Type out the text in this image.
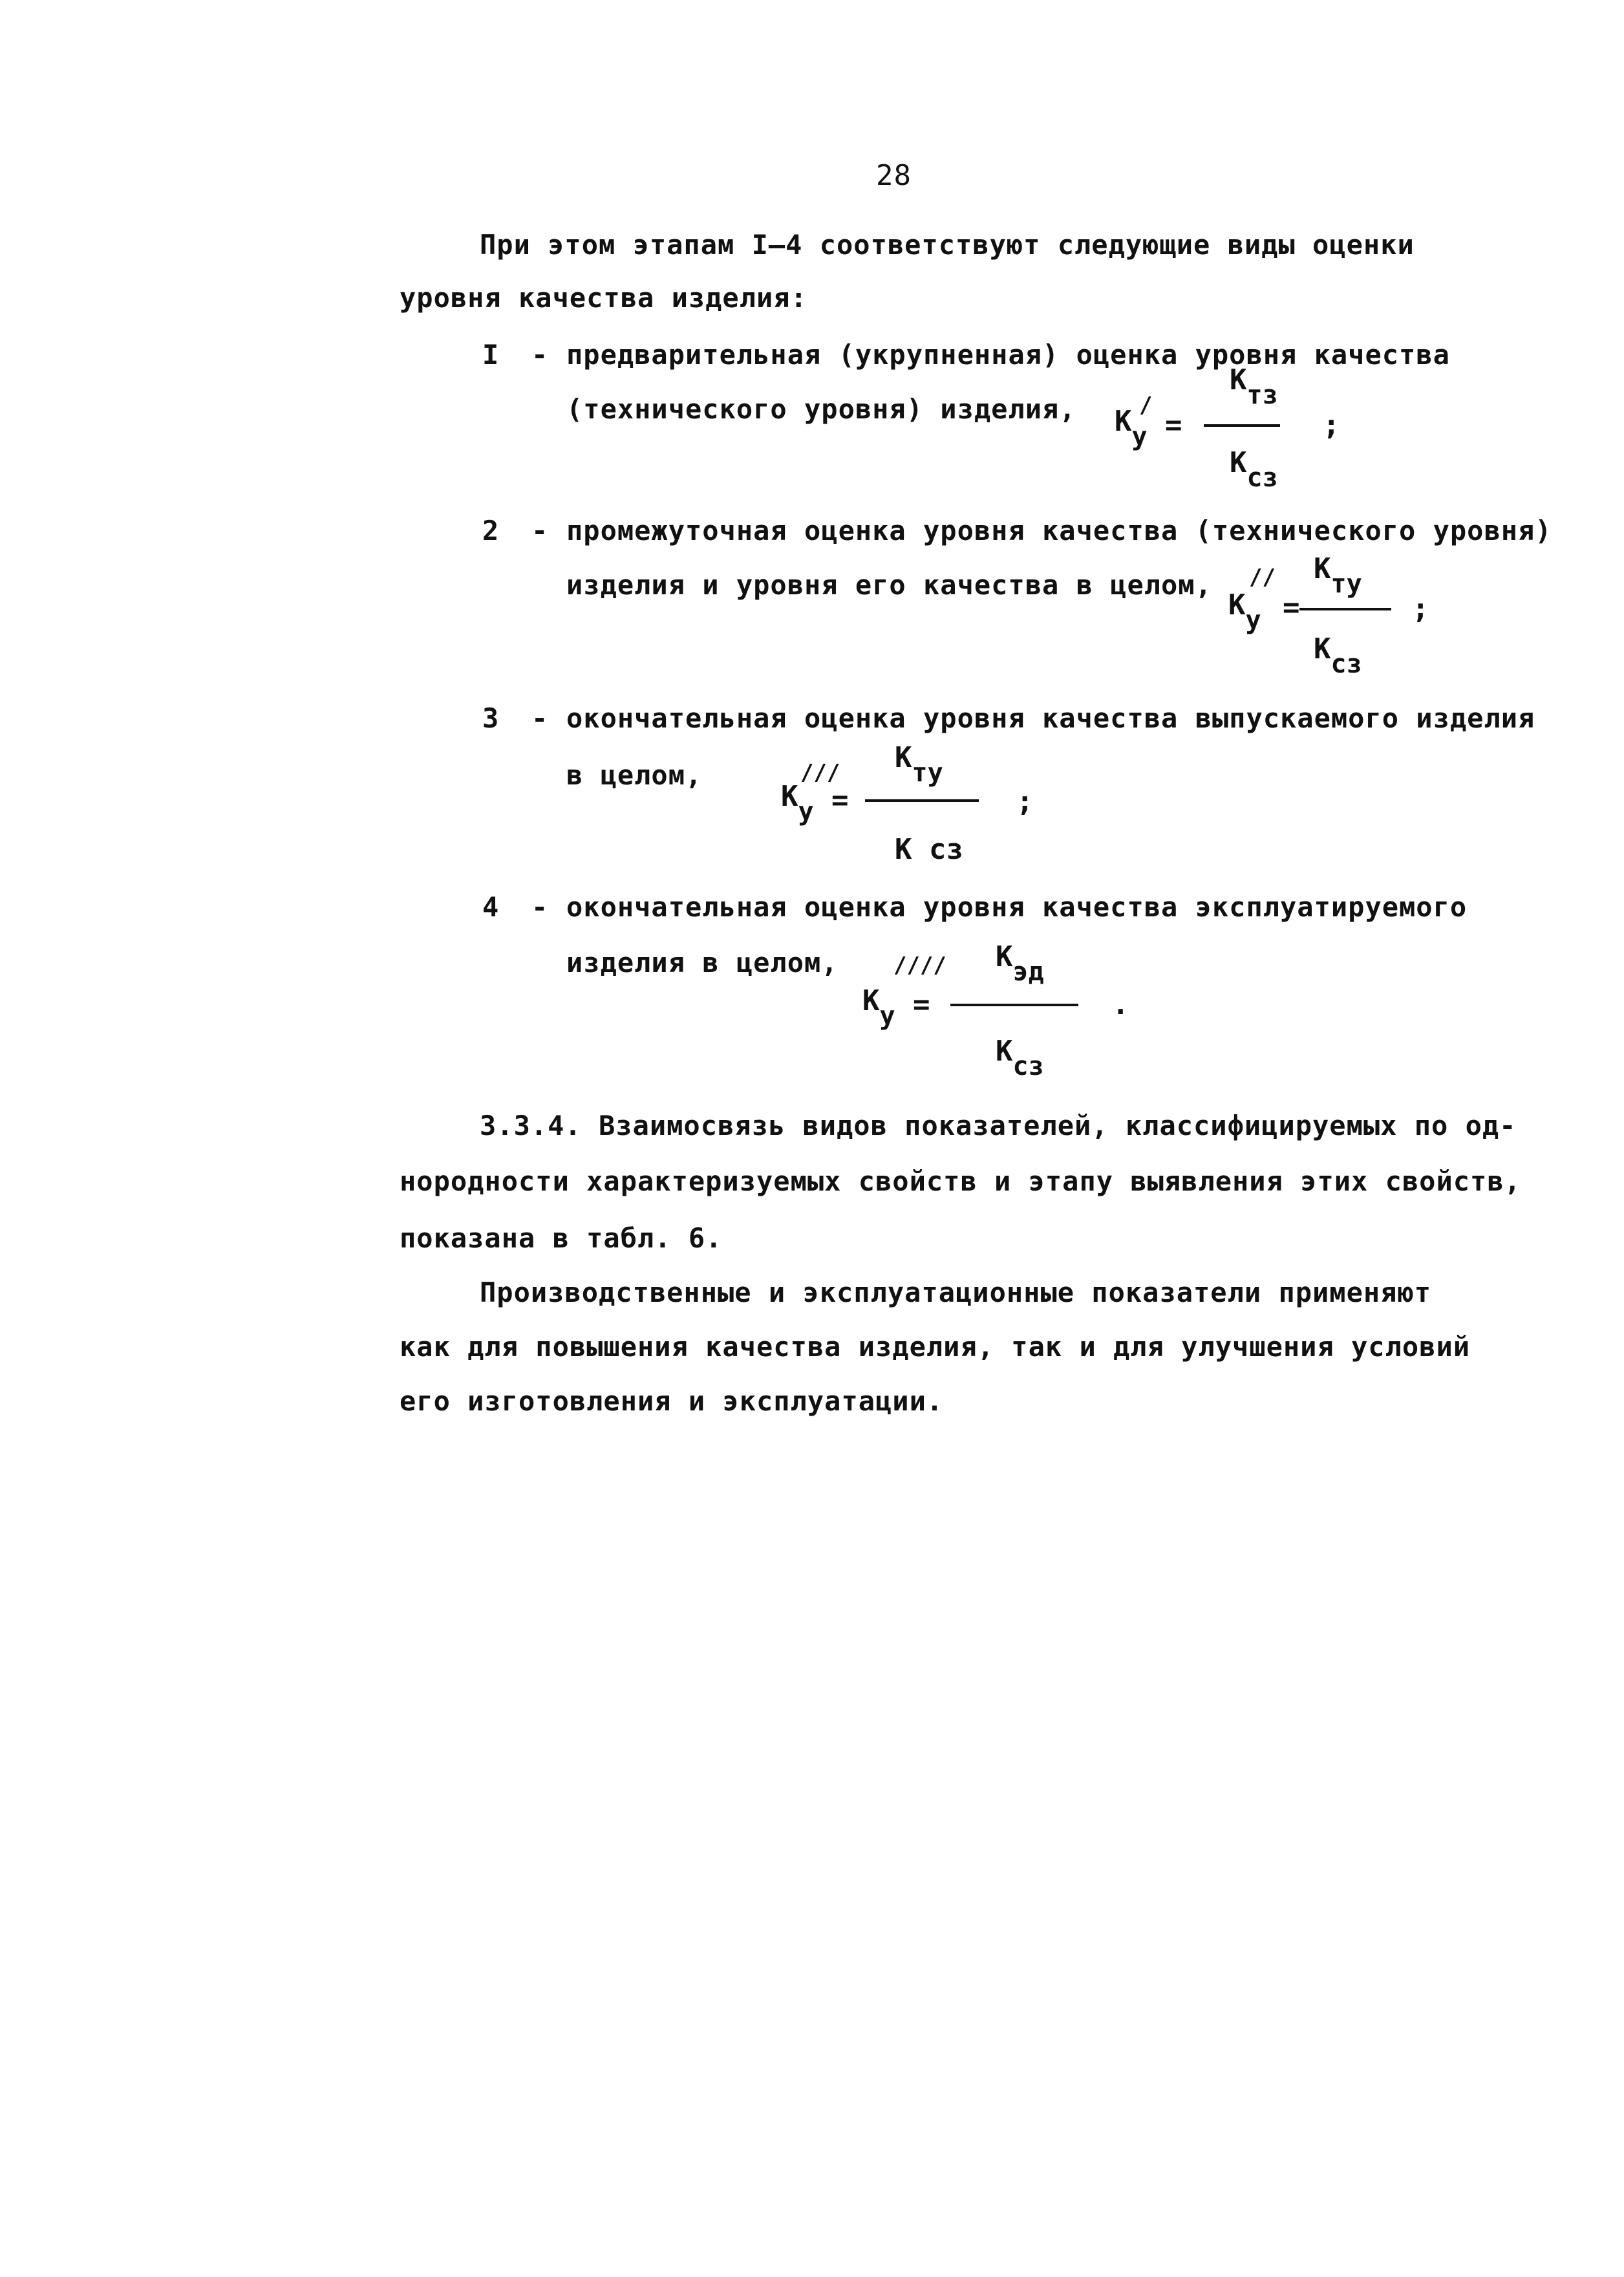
28
При этом этапам I–4 соответствуют следующие виды оценки
уровня качества изделия:
I - предварительная (укрупненная) оценка уровня качества
(технического уровня) изделия, Ку
/
=
Ктз
Ксз
;
2 - промежуточная оценка уровня качества (технического уровня)
изделия и уровня его качества в целом,
Ку
//
=
Кту
Ксз
;
3 - окончательная оценка уровня качества выпускаемого изделия
в целом,
Ку
///
=
Кту
К сз
;
4 - окончательная оценка уровня качества эксплуатируемого
изделия в целом,
Ку
////
=
Кэд
Ксз
.
3.3.4. Взаимосвязь видов показателей, классифицируемых по од-
нородности характеризуемых свойств и этапу выявления этих свойств,
показана в табл. 6.
Производственные и эксплуатационные показатели применяют
как для повышения качества изделия, так и для улучшения условий
его изготовления и эксплуатации.
